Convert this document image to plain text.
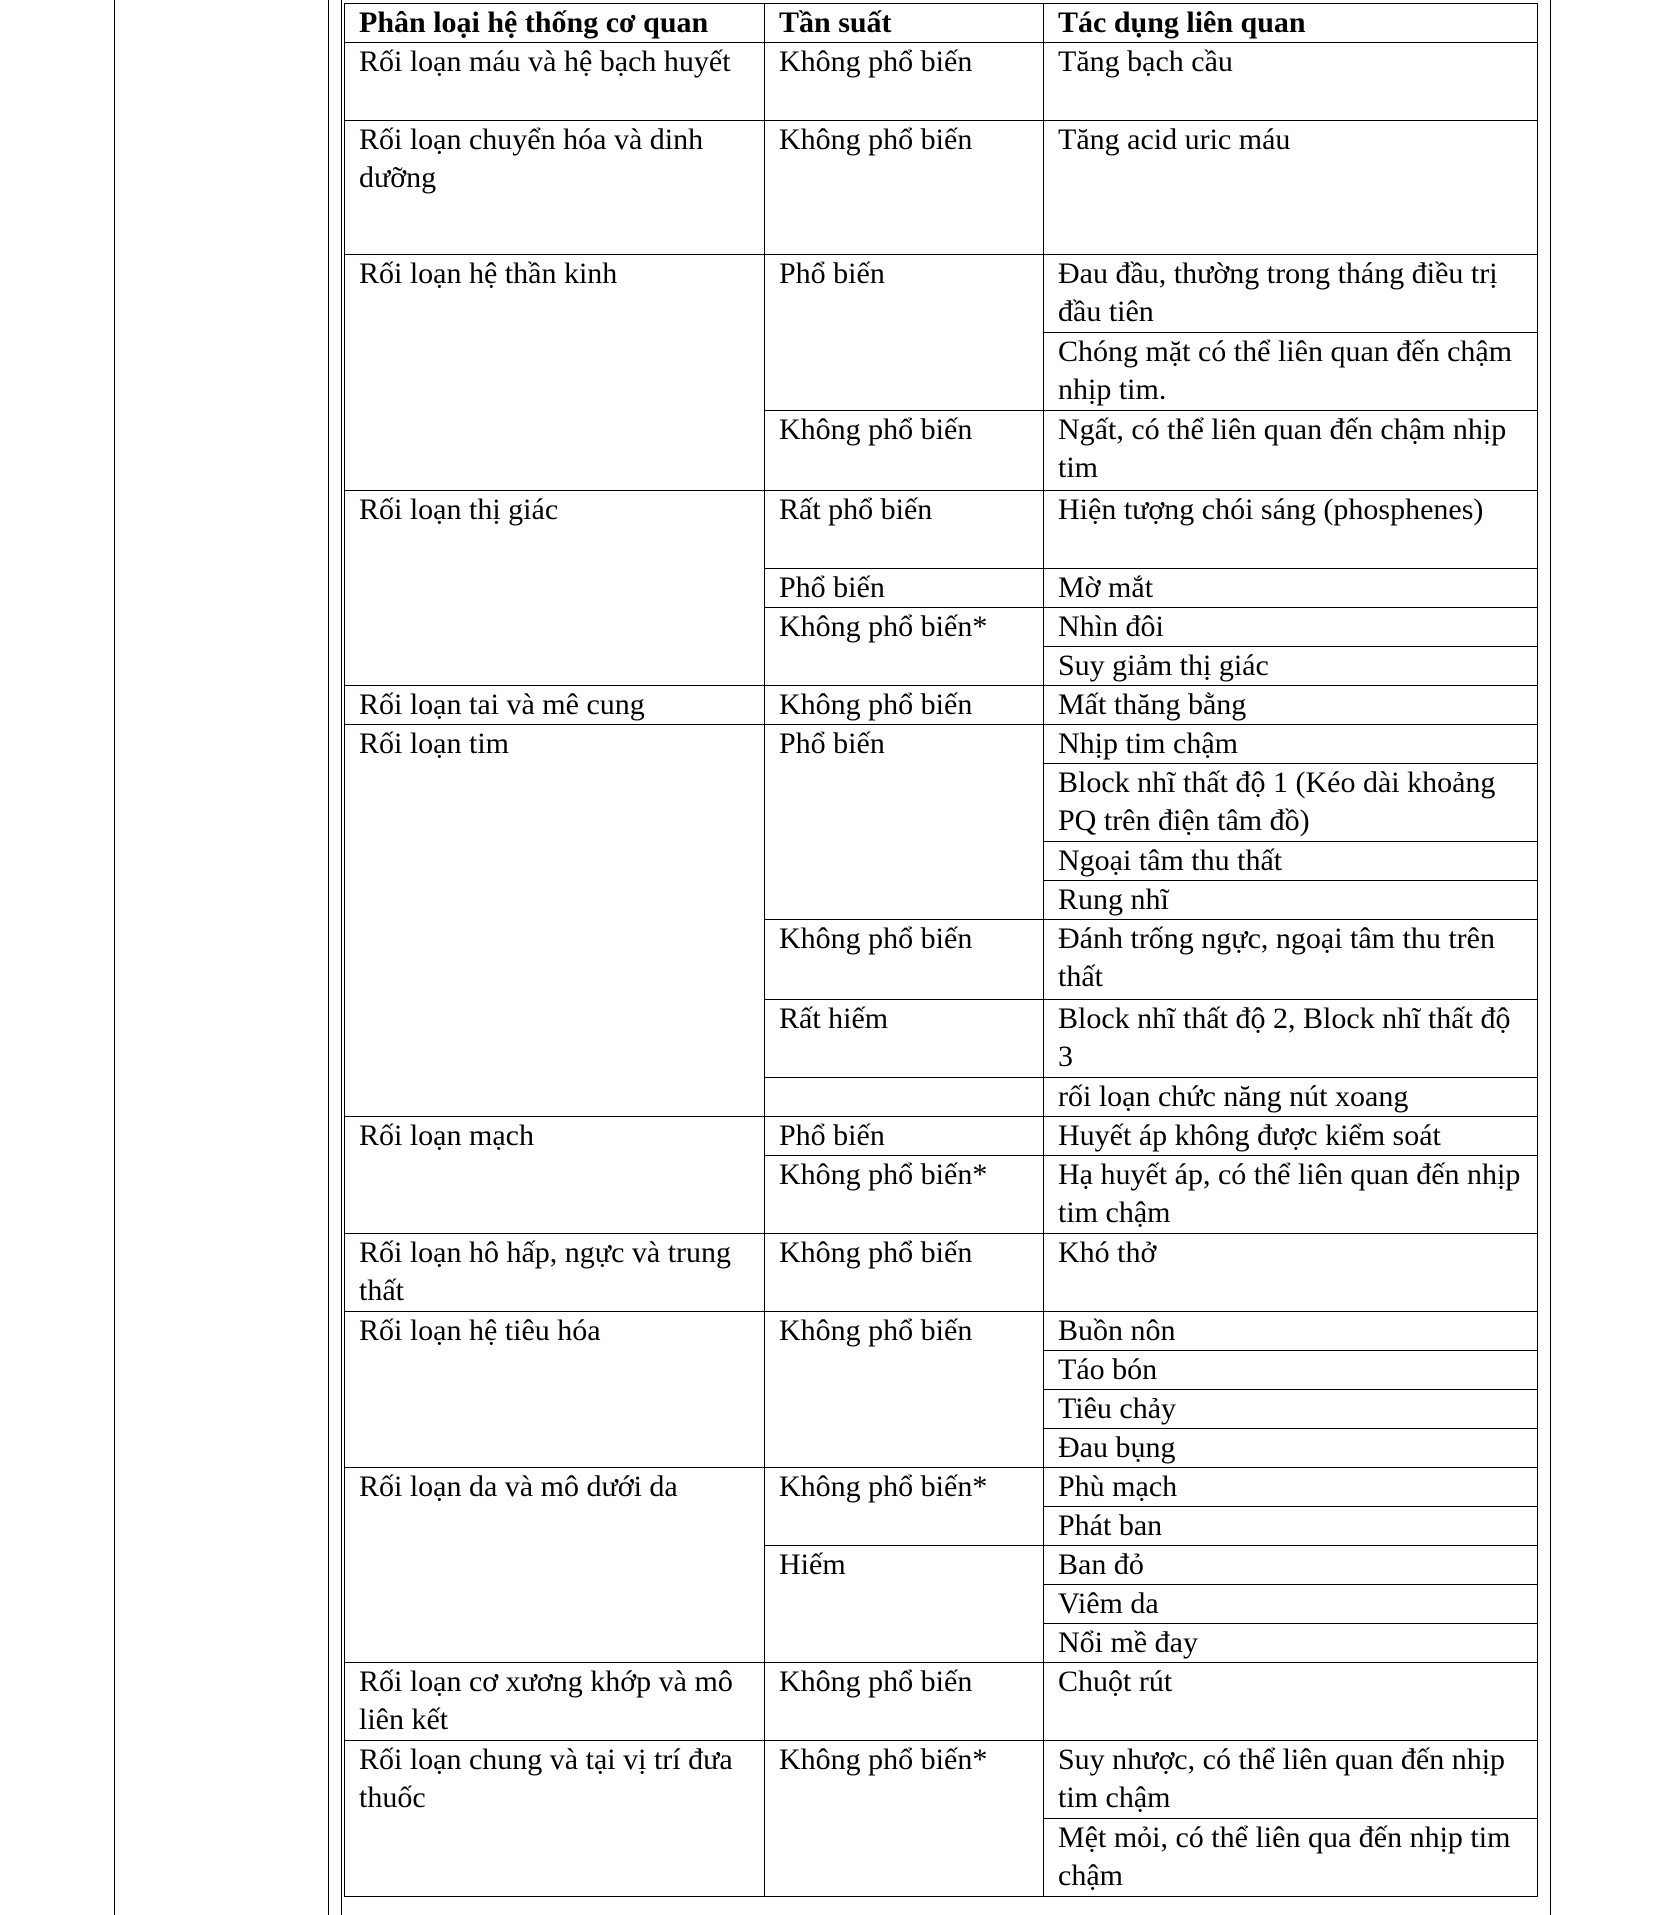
Phân loại hệ thống cơ quan	Tần suất	Tác dụng liên quan
Rối loạn máu và hệ bạch huyết	Không phổ biến	Tăng bạch cầu
Rối loạn chuyển hóa và dinh dưỡng	Không phổ biến	Tăng acid uric máu
Rối loạn hệ thần kinh	Phổ biến	Đau đầu, thường trong tháng điều trị đầu tiên
		Chóng mặt có thể liên quan đến chậm nhịp tim.
	Không phổ biến	Ngất, có thể liên quan đến chậm nhịp tim
Rối loạn thị giác	Rất phổ biến	Hiện tượng chói sáng (phosphenes)
	Phổ biến	Mờ mắt
	Không phổ biến*	Nhìn đôi
		Suy giảm thị giác
Rối loạn tai và mê cung	Không phổ biến	Mất thăng bằng
Rối loạn tim	Phổ biến	Nhịp tim chậm
		Block nhĩ thất độ 1 (Kéo dài khoảng PQ trên điện tâm đồ)
		Ngoại tâm thu thất
		Rung nhĩ
	Không phổ biến	Đánh trống ngực, ngoại tâm thu trên thất
	Rất hiếm	Block nhĩ thất độ 2, Block nhĩ thất độ 3
		rối loạn chức năng nút xoang
Rối loạn mạch	Phổ biến	Huyết áp không được kiểm soát
	Không phổ biến*	Hạ huyết áp, có thể liên quan đến nhịp tim chậm
Rối loạn hô hấp, ngực và trung thất	Không phổ biến	Khó thở
Rối loạn hệ tiêu hóa	Không phổ biến	Buồn nôn
		Táo bón
		Tiêu chảy
		Đau bụng
Rối loạn da và mô dưới da	Không phổ biến*	Phù mạch
		Phát ban
	Hiếm	Ban đỏ
		Viêm da
		Nổi mề đay
Rối loạn cơ xương khớp và mô liên kết	Không phổ biến	Chuột rút
Rối loạn chung và tại vị trí đưa thuốc	Không phổ biến*	Suy nhược, có thể liên quan đến nhịp tim chậm
		Mệt mỏi, có thể liên qua đến nhịp tim chậm
